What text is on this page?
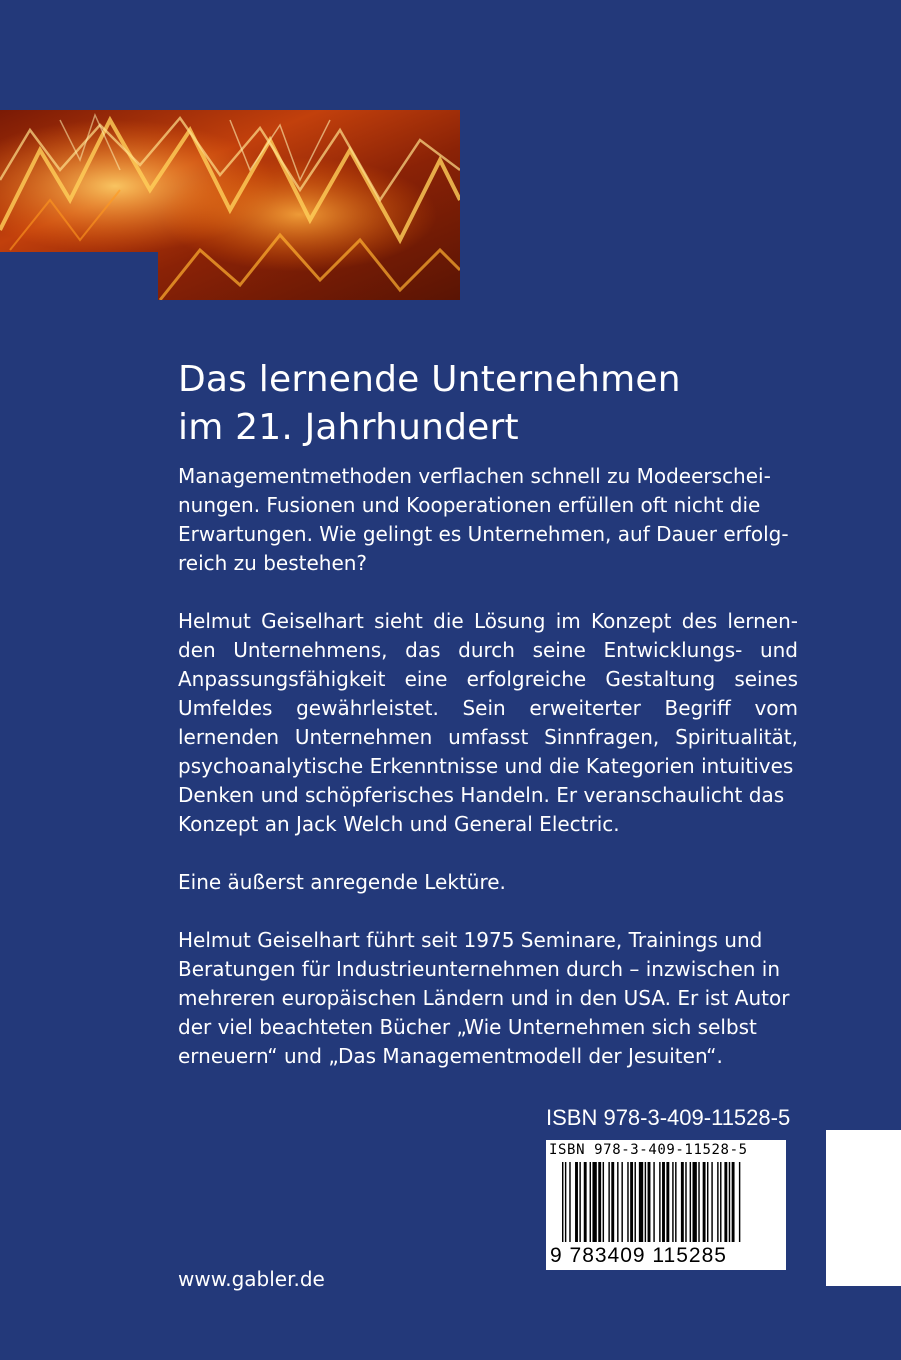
Das lernende Unternehmen
im 21. Jahrhundert

Managementmethoden verflachen schnell zu Modeerschei-
nungen. Fusionen und Kooperationen erfüllen oft nicht die
Erwartungen. Wie gelingt es Unternehmen, auf Dauer erfolg-
reich zu bestehen?

Helmut Geiselhart sieht die Lösung im Konzept des lernen-
den Unternehmens, das durch seine Entwicklungs- und
Anpassungsfähigkeit eine erfolgreiche Gestaltung seines
Umfeldes gewährleistet. Sein erweiterter Begriff vom
lernenden Unternehmen umfasst Sinnfragen, Spiritualität,
psychoanalytische Erkenntnisse und die Kategorien intuitives
Denken und schöpferisches Handeln. Er veranschaulicht das
Konzept an Jack Welch und General Electric.

Eine äußerst anregende Lektüre.

Helmut Geiselhart führt seit 1975 Seminare, Trainings und
Beratungen für Industrieunternehmen durch – inzwischen in
mehreren europäischen Ländern und in den USA. Er ist Autor
der viel beachteten Bücher „Wie Unternehmen sich selbst
erneuern“ und „Das Managementmodell der Jesuiten“.

ISBN 978-3-409-11528-5
ISBN 978-3-409-11528-5
9 783409 115285
www.gabler.de
